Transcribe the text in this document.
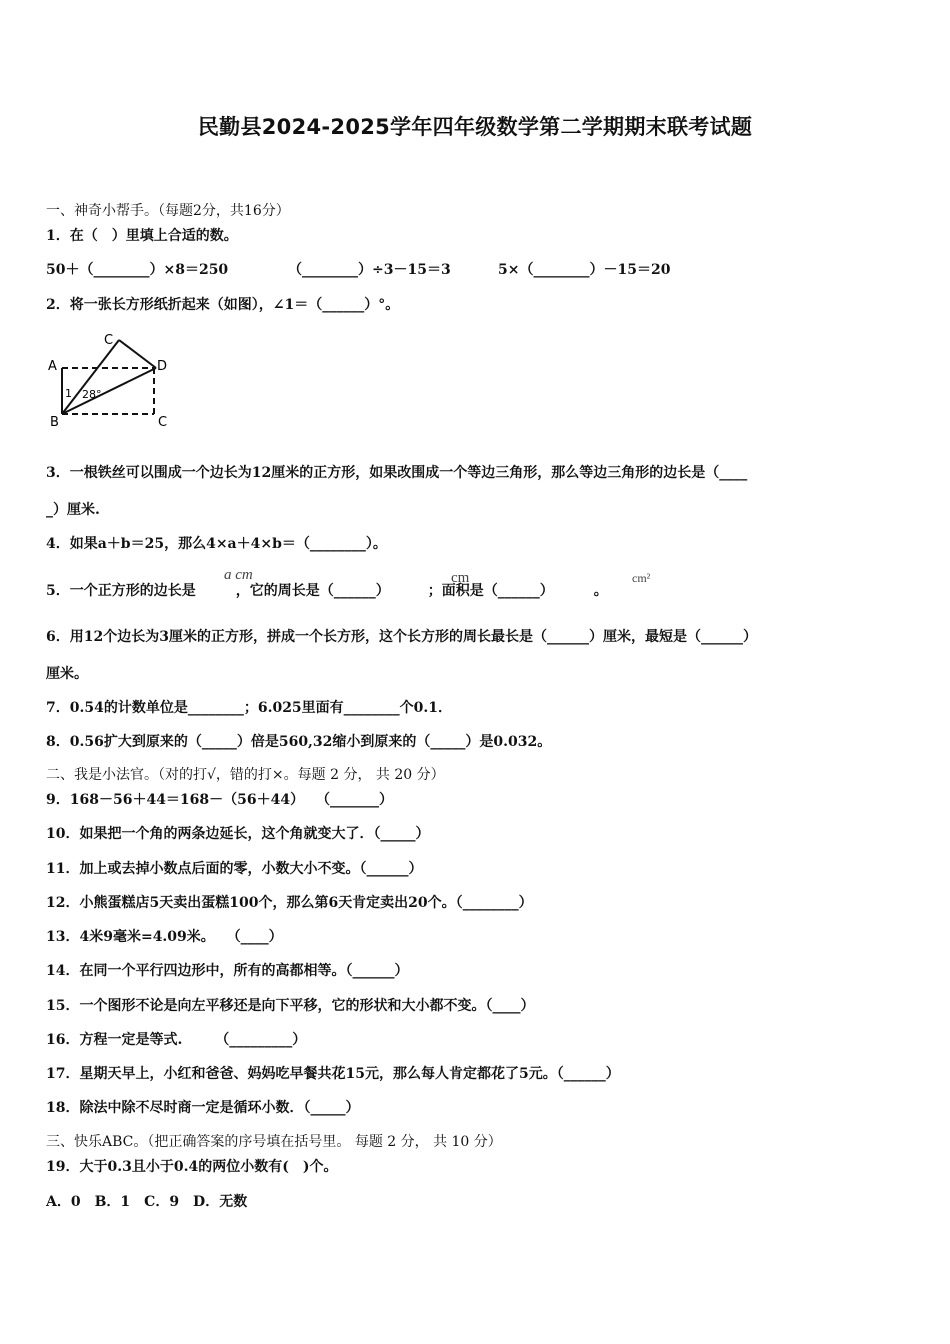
民勤县2024-2025学年四年级数学第二学期期末联考试题
一、神奇小帮手。（每题2分，共16分）
1．在（　）里填上合适的数。
50＋（________）×8＝250	（________）÷3－15＝3	5×（________）－15＝20
2．将一张长方形纸折起来（如图），∠1＝（______）°。
A
C
D
B	C
1 28°
3．一根铁丝可以围成一个边长为12厘米的正方形，如果改围成一个等边三角形，那么等边三角形的边长是（____
_）厘米.
4．如果a＋b＝25，那么4×a＋4×b＝（________）。
5．一个正方形的边长是	，它的周长是（______）	；面积是（______）	。
a cm	cm	cm²
6．用12个边长为3厘米的正方形，拼成一个长方形，这个长方形的周长最长是（______）厘米，最短是（______）
厘米。
7．0.54的计数单位是________；6.025里面有________个0.1．
8．0.56扩大到原来的（_____）倍是560,32缩小到原来的（_____）是0.032。
二、我是小法官。（对的打√，错的打×。每题 2 分， 共 20 分）
9．168－56＋44＝168－（56＋44）　 （_______）
10．如果把一个角的两条边延长，这个角就变大了．（_____）
11．加上或去掉小数点后面的零，小数大小不变。（______）
12．小熊蛋糕店5天卖出蛋糕100个，那么第6天肯定卖出20个。（________）
13．4米9毫米=4.09米。　 （____）
14．在同一个平行四边形中，所有的高都相等。（______）
15．一个图形不论是向左平移还是向下平移，它的形状和大小都不变。（____）
16．方程一定是等式.　　 （_________）
17．星期天早上，小红和爸爸、妈妈吃早餐共花15元，那么每人肯定都花了5元。（______）
18．除法中除不尽时商一定是循环小数．（_____）
三、快乐ABC。（把正确答案的序号填在括号里。 每题 2 分， 共 10 分）
19．大于0.3且小于0.4的两位小数有(　)个。
A．0　B．1　C．9　D．无数
